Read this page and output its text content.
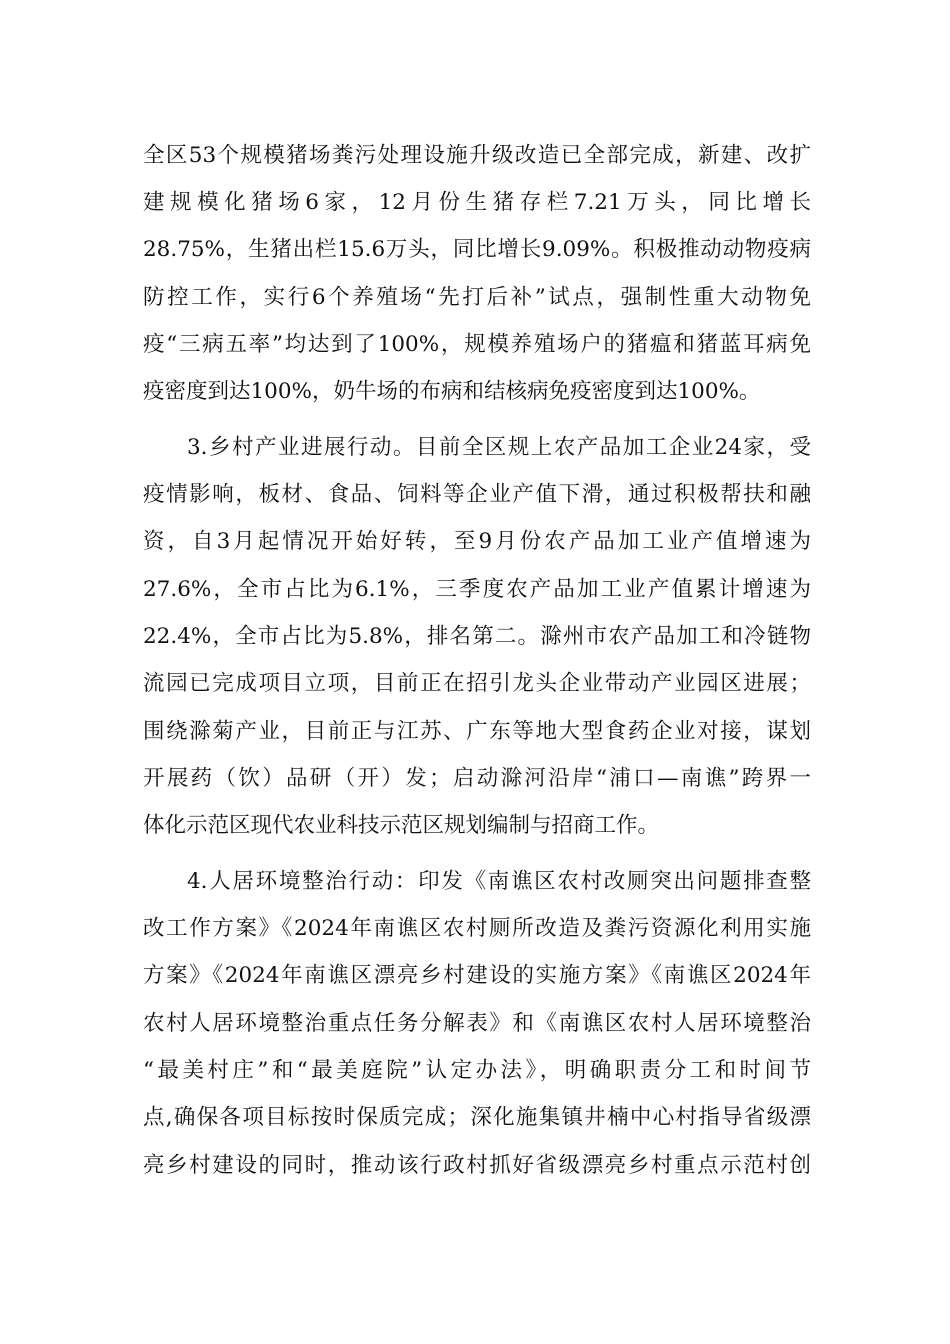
全区53个规模猪场粪污处理设施升级改造已全部完成，新建、改扩
建规模化猪场6家，12月份生猪存栏7.21万头，同比增长
28.75%，生猪出栏15.6万头，同比增长9.09%。积极推动动物疫病
防控工作，实行6个养殖场“先打后补”试点，强制性重大动物免
疫“三病五率”均达到了100%，规模养殖场户的猪瘟和猪蓝耳病免
疫密度到达100%，奶牛场的布病和结核病免疫密度到达100%。
3.乡村产业进展行动。目前全区规上农产品加工企业24家，受
疫情影响，板材、食品、饲料等企业产值下滑，通过积极帮扶和融
资，自3月起情况开始好转，至9月份农产品加工业产值增速为
27.6%，全市占比为6.1%，三季度农产品加工业产值累计增速为
22.4%，全市占比为5.8%，排名第二。滁州市农产品加工和冷链物
流园已完成项目立项，目前正在招引龙头企业带动产业园区进展；
围绕滁菊产业，目前正与江苏、广东等地大型食药企业对接，谋划
开展药（饮）品研（开）发；启动滁河沿岸“浦口—南谯”跨界一
体化示范区现代农业科技示范区规划编制与招商工作。
4.人居环境整治行动：印发《南谯区农村改厕突出问题排查整
改工作方案》《2024年南谯区农村厕所改造及粪污资源化利用实施
方案》《2024年南谯区漂亮乡村建设的实施方案》《南谯区2024年
农村人居环境整治重点任务分解表》和《南谯区农村人居环境整治
“最美村庄”和“最美庭院”认定办法》，明确职责分工和时间节
点,确保各项目标按时保质完成；深化施集镇井楠中心村指导省级漂
亮乡村建设的同时，推动该行政村抓好省级漂亮乡村重点示范村创
